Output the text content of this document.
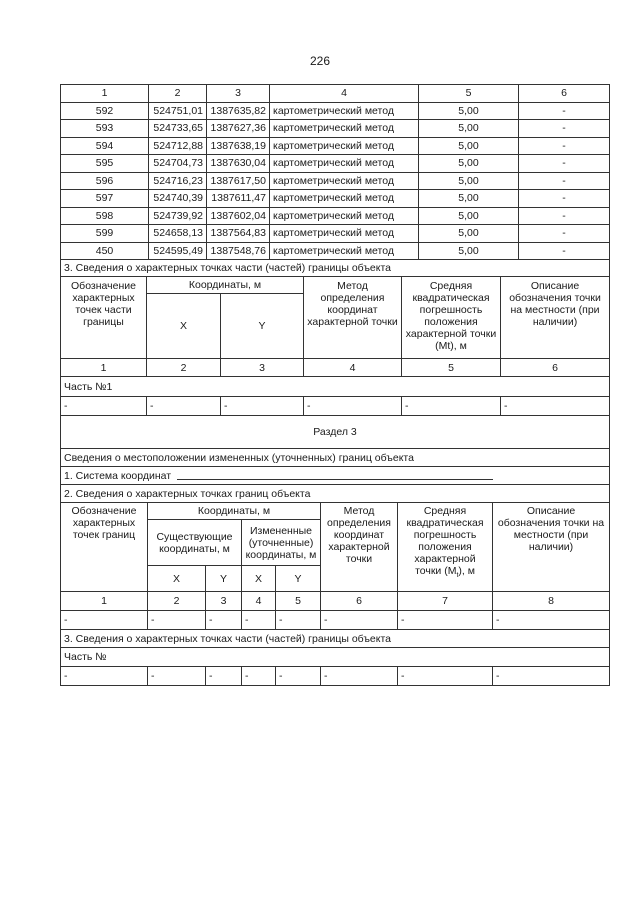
226
1	2	3	4	5	6
592	524751,01	1387635,82	картометрический метод	5,00	-
593	524733,65	1387627,36	картометрический метод	5,00	-
594	524712,88	1387638,19	картометрический метод	5,00	-
595	524704,73	1387630,04	картометрический метод	5,00	-
596	524716,23	1387617,50	картометрический метод	5,00	-
597	524740,39	1387611,47	картометрический метод	5,00	-
598	524739,92	1387602,04	картометрический метод	5,00	-
599	524658,13	1387564,83	картометрический метод	5,00	-
450	524595,49	1387548,76	картометрический метод	5,00	-
3. Сведения о характерных точках части (частей) границы объекта					
Обозначение характерных точек части границы	Координаты, м		Метод определения координат характерной точки	Средняя квадратическая погрешность положения характерной точки (Mt), м	Описание обозначения точки на местности (при наличии)
	X	Y			
1	2	3	4	5	6
Часть №1					
-	-	-	-	-	-
Раздел 3					
Сведения о местоположении измененных (уточненных) границ объекта					
1. Система координат					
2. Сведения о характерных точках границ объекта					
Обозначение характерных точек границ	Координаты, м				Метод определения координат характерной точки	Средняя квадратическая погрешность положения характерной точки $(M_t)$, м	Описание обозначения точки на местности (при наличии)
	Существующие координаты, м		Измененные (уточненные) координаты, м				
	X	Y	X	Y			
1	2	3	4	5	6	7	8
-	-	-	-	-	-	-	-
3. Сведения о характерных точках части (частей) границы объекта							
Часть №							
-	-	-	-	-	-	-	-
